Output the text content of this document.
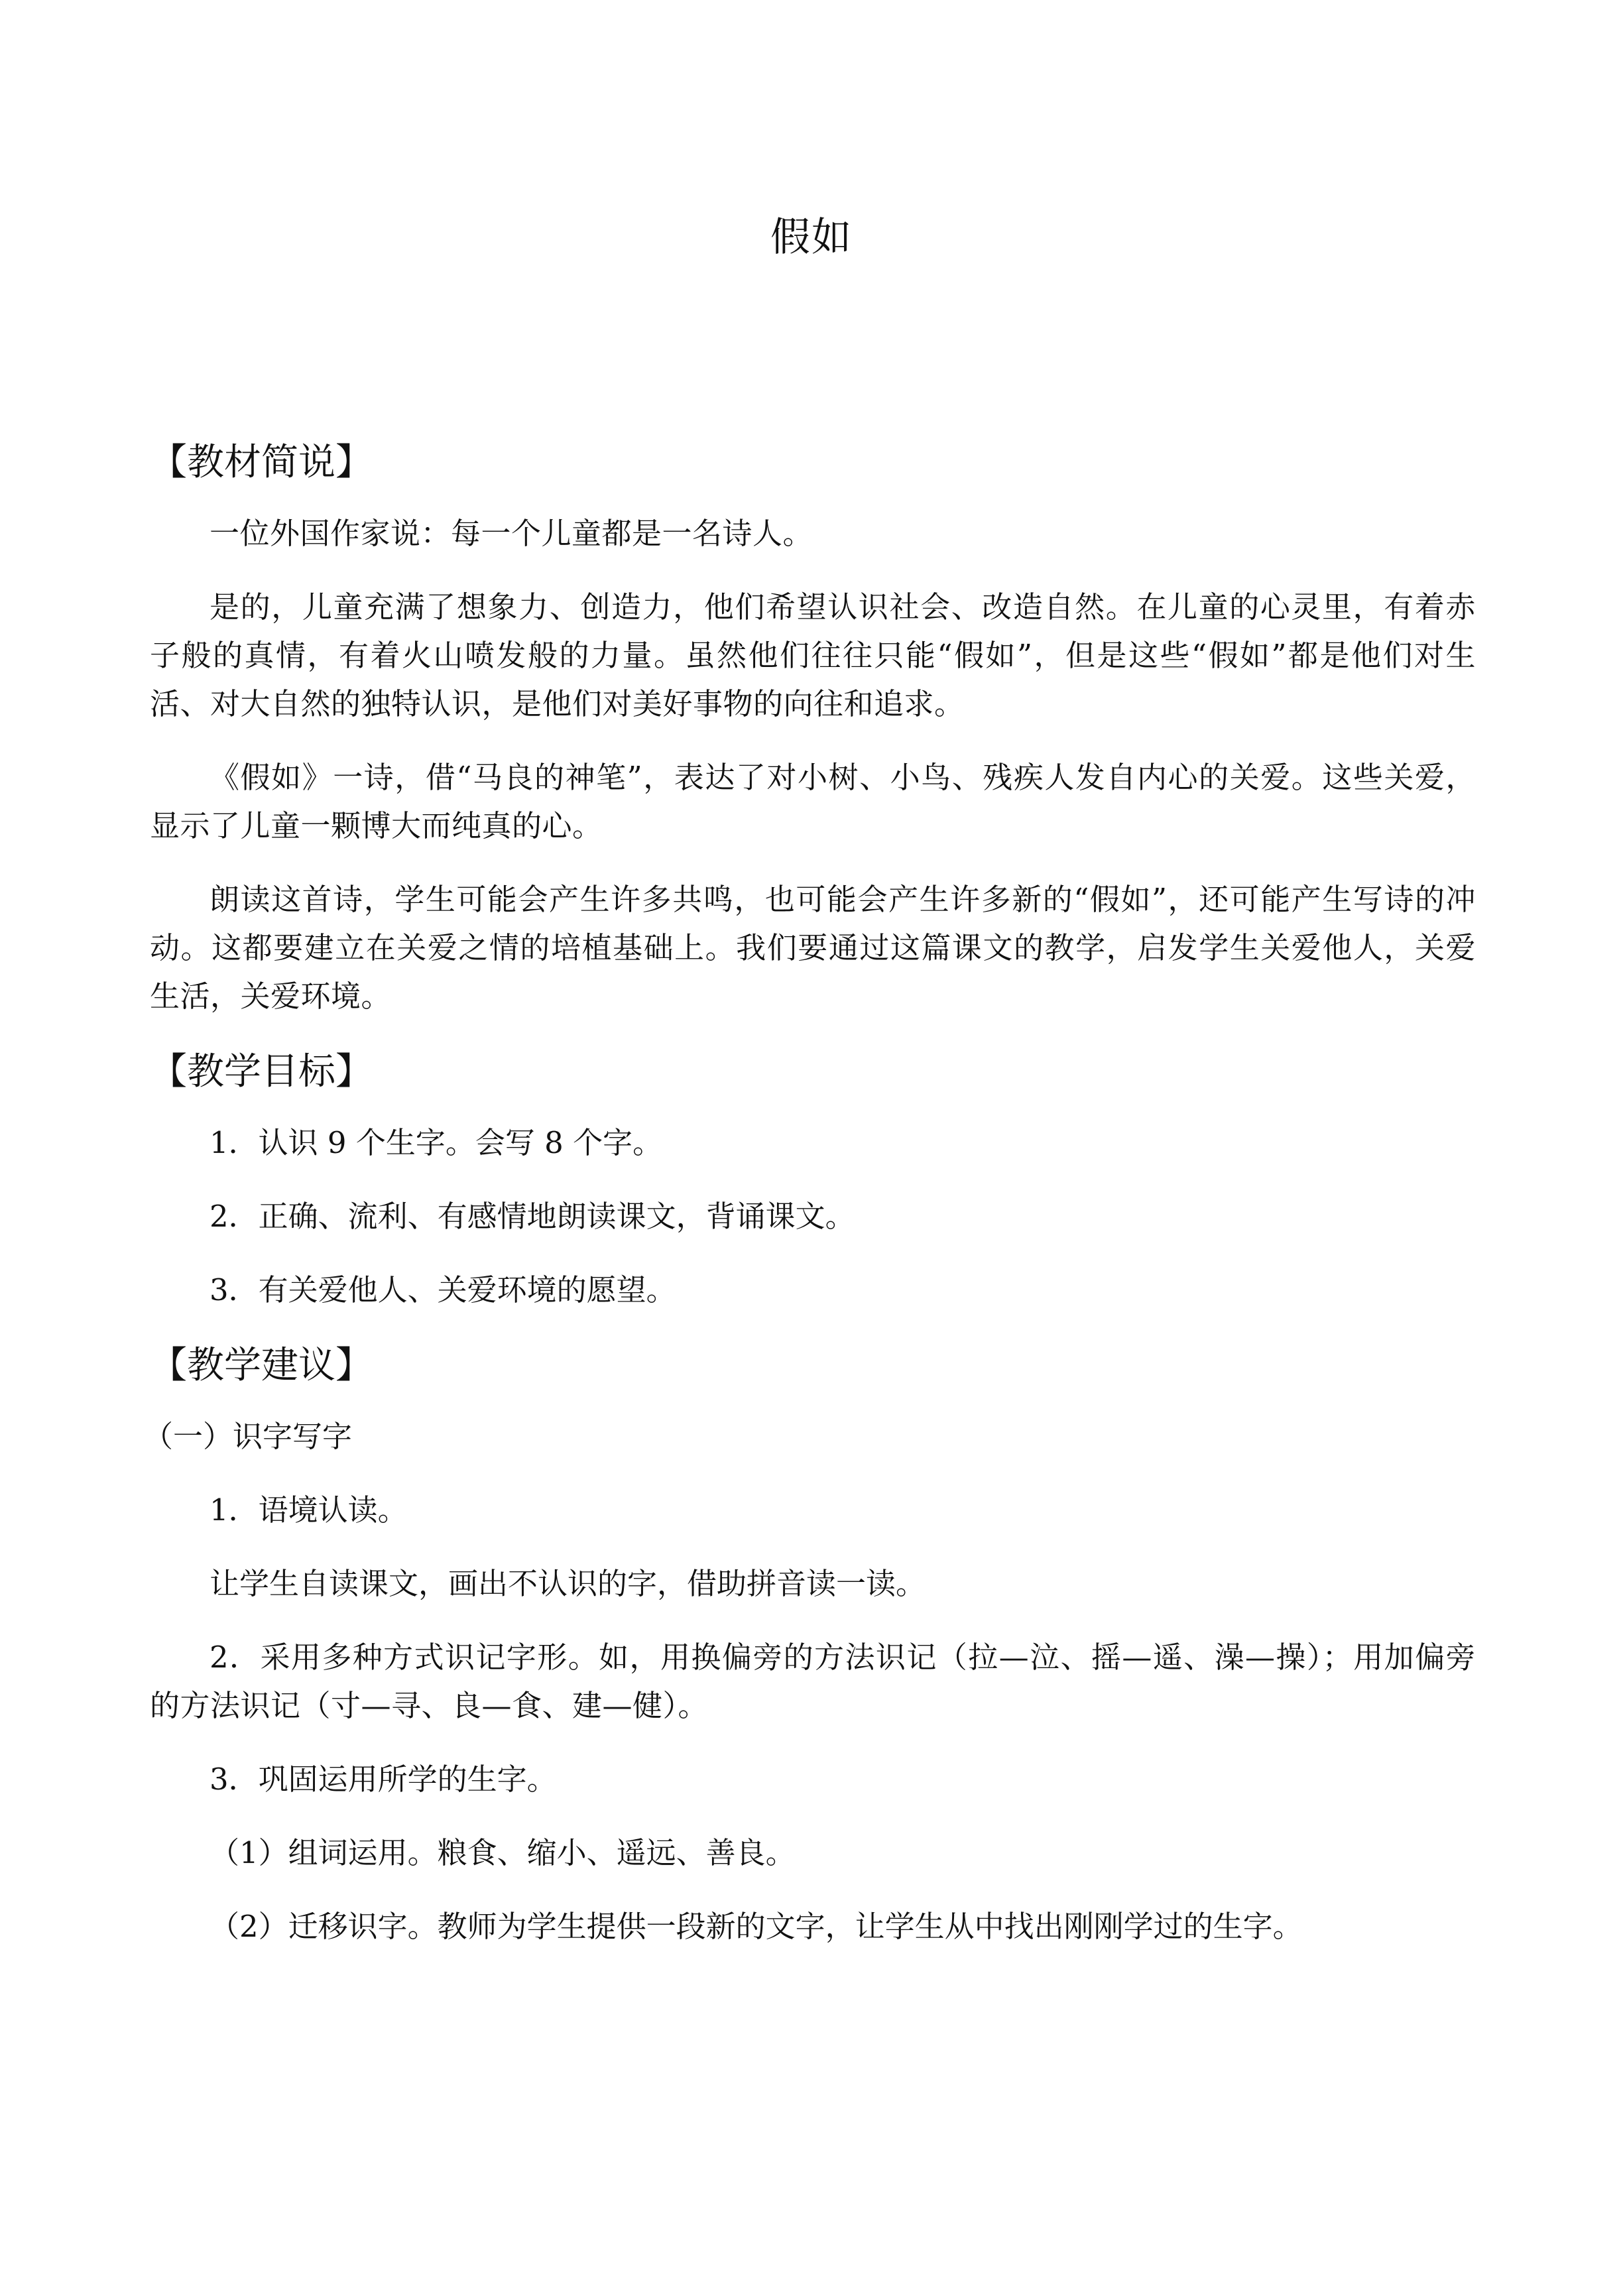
假如
【教材简说】

一位外国作家说：每一个儿童都是一名诗人。

是的，儿童充满了想象力、创造力，他们希望认识社会、改造自然。在儿童的心灵里，有着赤子般的真情，有着火山喷发般的力量。虽然他们往往只能“假如”，但是这些“假如”都是他们对生活、对大自然的独特认识，是他们对美好事物的向往和追求。

《假如》一诗，借“马良的神笔”，表达了对小树、小鸟、残疾人发自内心的关爱。这些关爱，显示了儿童一颗博大而纯真的心。

朗读这首诗，学生可能会产生许多共鸣，也可能会产生许多新的“假如”，还可能产生写诗的冲动。这都要建立在关爱之情的培植基础上。我们要通过这篇课文的教学，启发学生关爱他人，关爱生活，关爱环境。

【教学目标】
1．认识 9 个生字。会写 8 个字。
2．正确、流利、有感情地朗读课文，背诵课文。
3．有关爱他人、关爱环境的愿望。
【教学建议】
（一）识字写字
1．语境认读。
让学生自读课文，画出不认识的字，借助拼音读一读。

2．采用多种方式识记字形。如，用换偏旁的方法识记（拉—泣、摇—遥、澡—操）；用加偏旁的方法识记（寸—寻、良—食、建—健）。

3．巩固运用所学的生字。
（1）组词运用。粮食、缩小、遥远、善良。
（2）迁移识字。教师为学生提供一段新的文字，让学生从中找出刚刚学过的生字。
